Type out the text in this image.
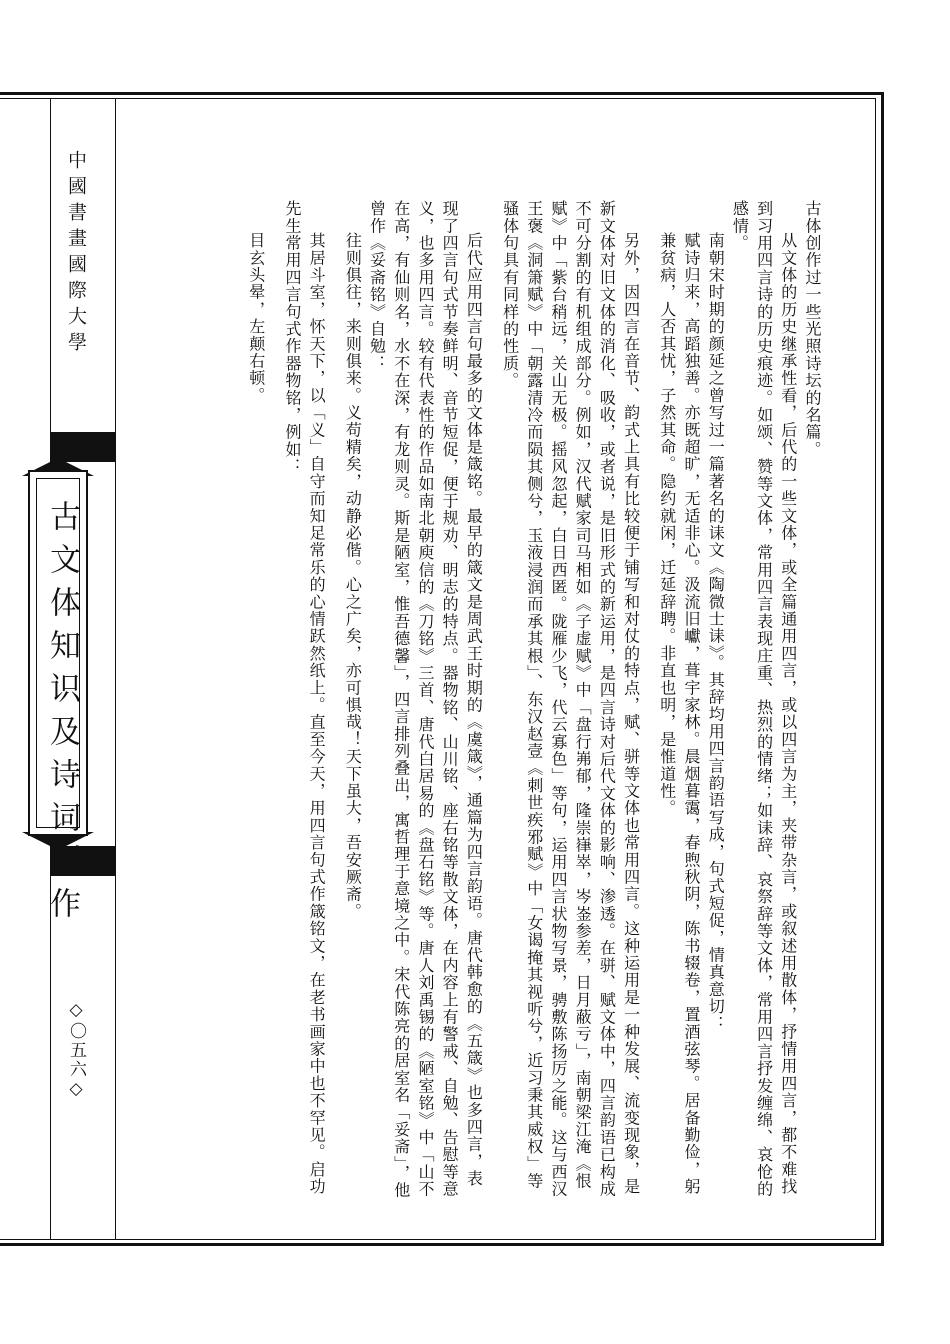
中國書畫國際大學
古文体知识及诗词创作
◇〇五六◇

古体创作过一些光照诗坛的名篇。

从文体的历史继承性看，后代的一些文体，或全篇通用四言，或以四言为主，夹带杂言，或叙述用散体，抒情用四言，都不难找到习用四言诗的历史痕迹。如颂、赞等文体，常用四言表现庄重、热烈的情绪；如诔辞、哀祭辞等文体，常用四言抒发缠绵、哀怆的感情。

南朝宋时期的颜延之曾写过一篇著名的诔文《陶微士诔》。其辞均用四言韵语写成，句式短促，情真意切：

赋诗归来，高蹈独善。亦既超旷，无适非心。汲流旧巘，葺宇家林。晨烟暮霭，春煦秋阴，陈书辍卷，置酒弦琴。居备勤俭，躬兼贫病，人否其忧，子然其命。隐约就闲，迁延辞聘。非直也明，是惟道性。

另外，因四言在音节、韵式上具有比较便于铺写和对仗的特点，赋、骈等文体也常用四言。这种运用是一种发展、流变现象，是新文体对旧文体的消化、吸收，或者说，是旧形式的新运用，是四言诗对后代文体的影响、渗透。在骈、赋文体中，四言韵语已构成不可分割的有机组成部分。例如，汉代赋家司马相如《子虚赋》中「盘行岪郁，隆崇嵂崒，岑崟参差，日月蔽亏」，南朝梁江淹《恨赋》中「紫台稍远，关山无极。摇风忽起，白日西匿。陇雁少飞，代云寡色」等句，运用四言状物写景，骋敷陈扬厉之能。这与西汉王褒《洞箫赋》中「朝露清冷而陨其侧兮，玉液浸润而承其根」、东汉赵壹《刺世疾邪赋》中「女谒掩其视听兮，近习秉其威权」等骚体句具有同样的性质。

后代应用四言句最多的文体是箴铭。最早的箴文是周武王时期的《虞箴》，通篇为四言韵语。唐代韩愈的《五箴》也多四言，表现了四言句式节奏鲜明、音节短促，便于规劝、明志的特点。器物铭、山川铭、座右铭等散文体，在内容上有警戒、自勉、告慰等意义，也多用四言。较有代表性的作品如南北朝庾信的《刀铭》三首、唐代白居易的《盘石铭》等。唐人刘禹锡的《陋室铭》中「山不在高，有仙则名，水不在深，有龙则灵。斯是陋室，惟吾德馨」，四言排列叠出，寓哲理于意境之中。宋代陈亮的居室名「妥斋」，他曾作《妥斋铭》自勉：

往则俱往，来则俱来。义苟精矣，动静必偕。心之广矣，亦可惧哉！天下虽大，吾安厥斋。

其居斗室，怀天下，以「义」自守而知足常乐的心情跃然纸上。直至今天，用四言句式作箴铭文，在老书画家中也不罕见。启功先生常用四言句式作器物铭，例如：

目玄头晕，左颠右顿。
